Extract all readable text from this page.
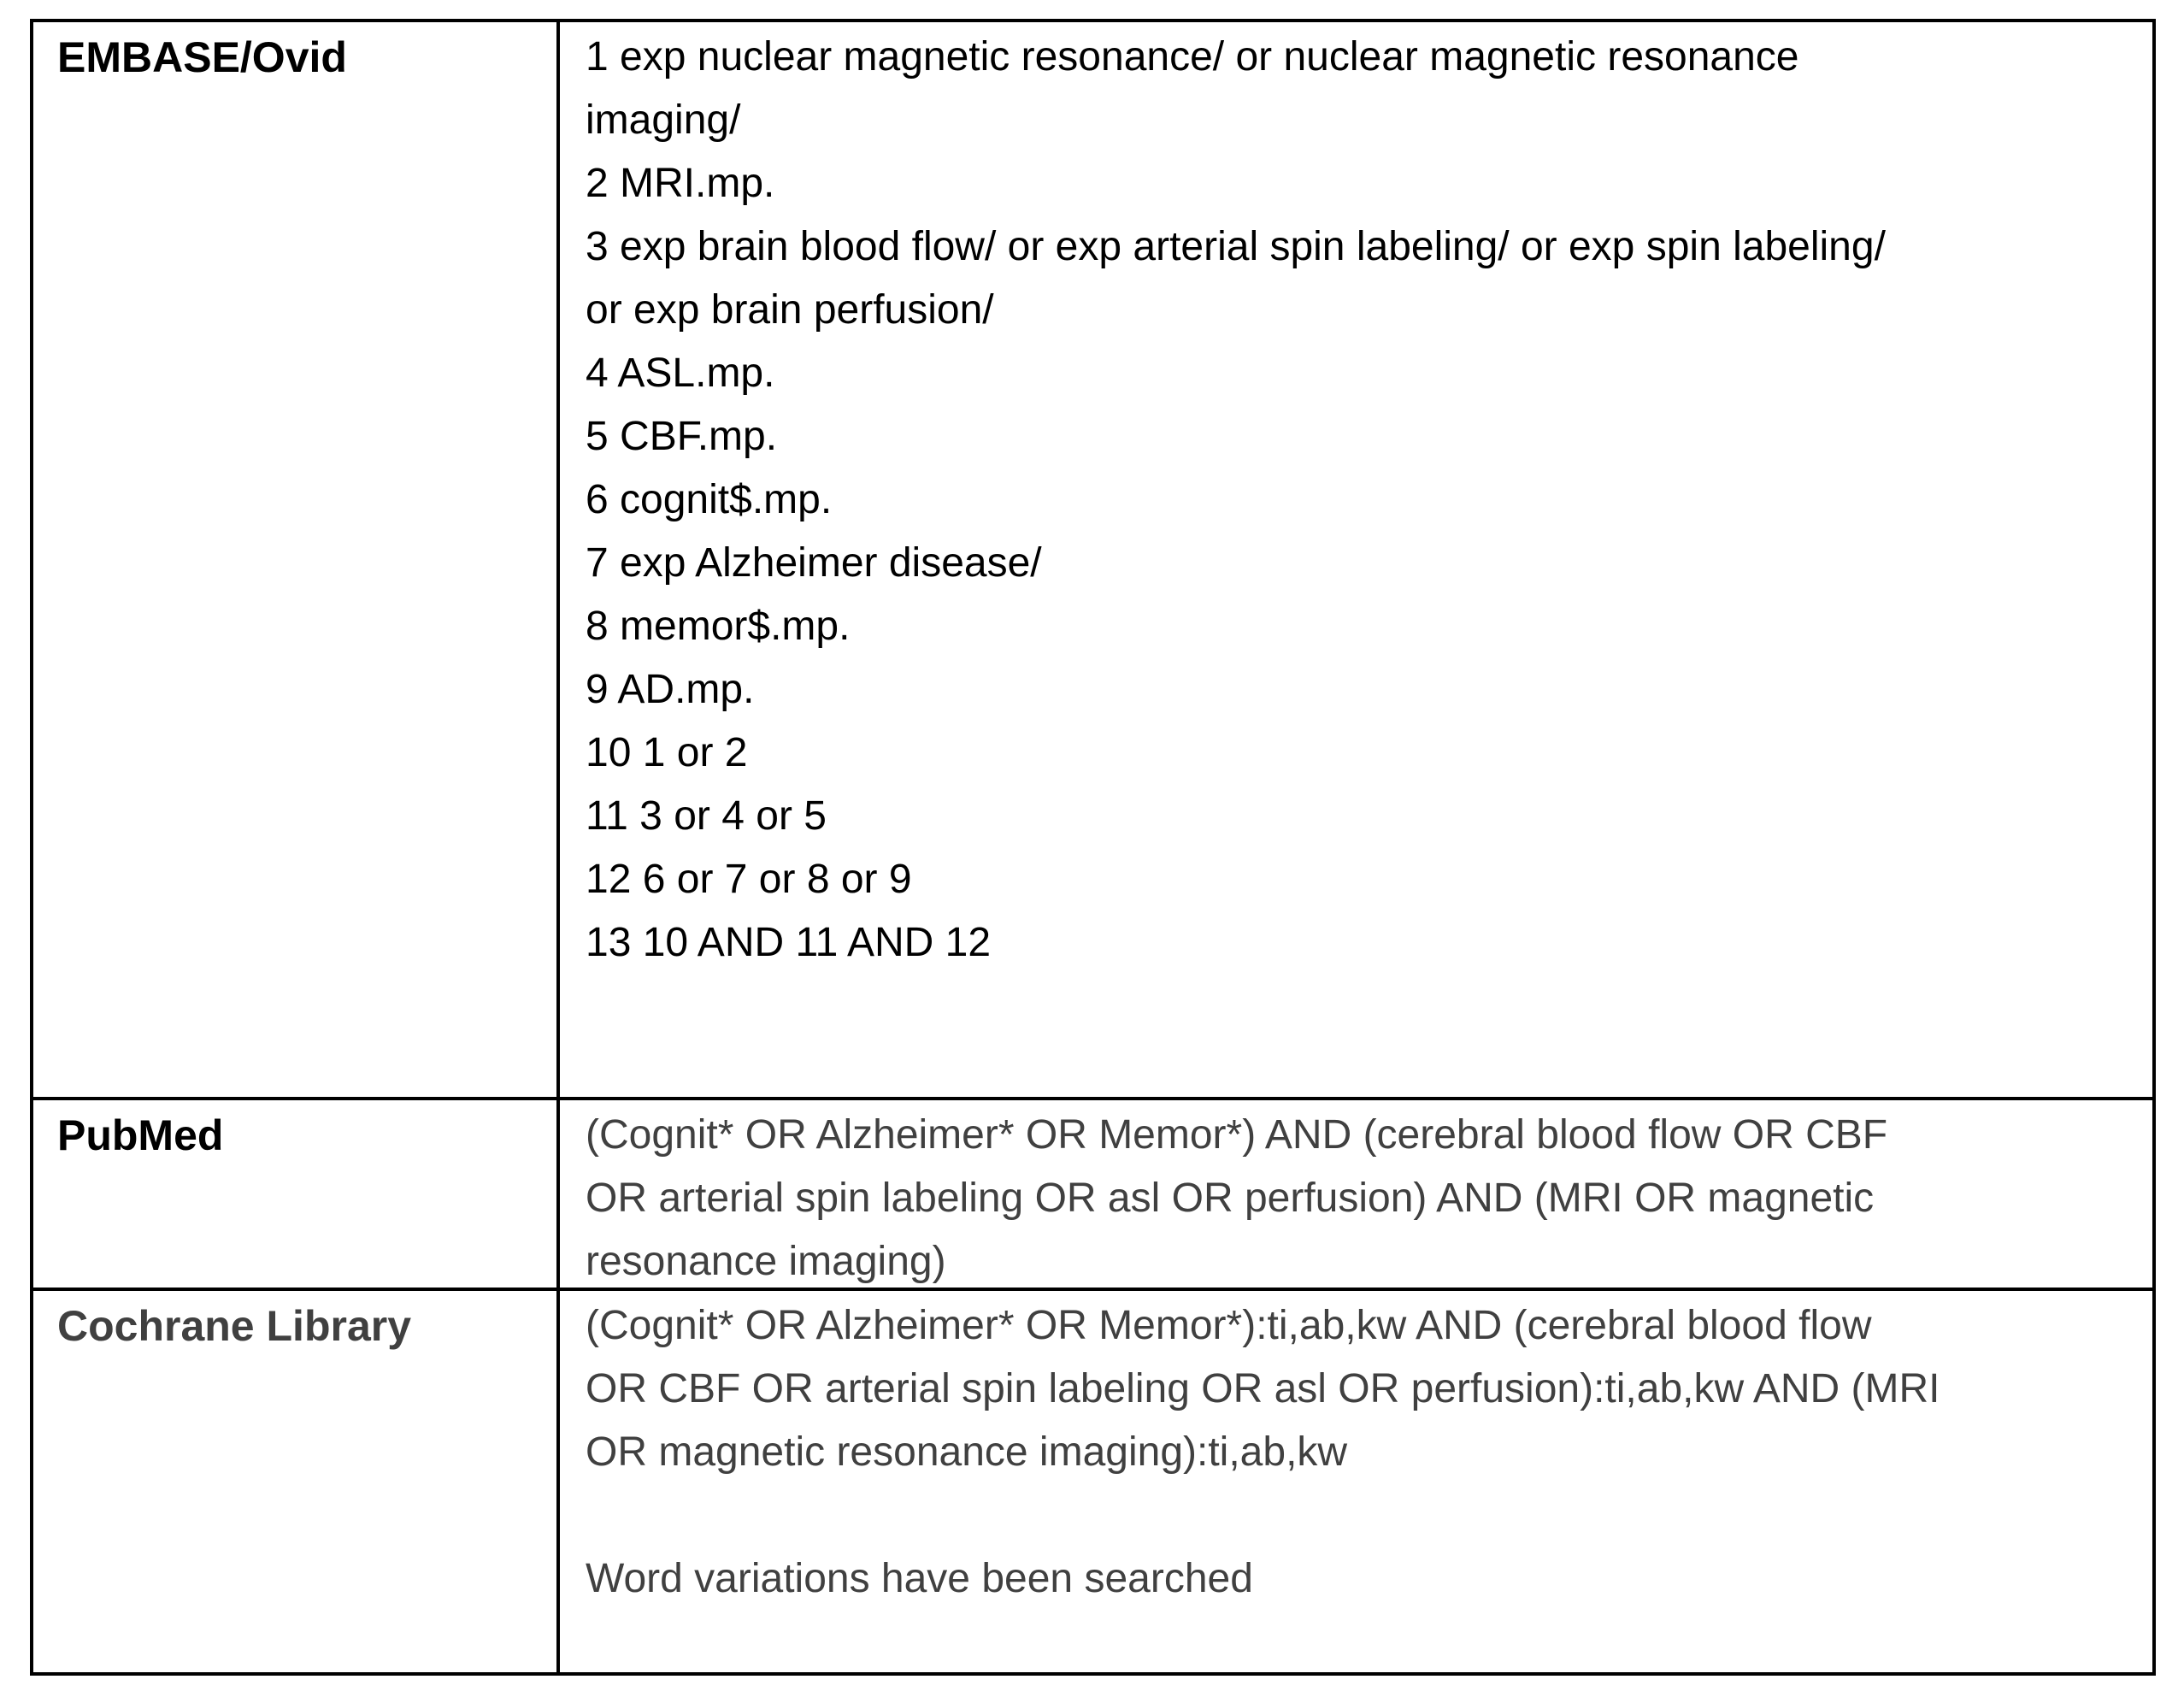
EMBASE/Ovid	1 exp nuclear magnetic resonance/ or nuclear magnetic resonance
imaging/
2 MRI.mp.
3 exp brain blood flow/ or exp arterial spin labeling/ or exp spin labeling/
or exp brain perfusion/
4 ASL.mp.
5 CBF.mp.
6 cognit$.mp.
7 exp Alzheimer disease/
8 memor$.mp.
9 AD.mp.
10 1 or 2
11 3 or 4 or 5
12 6 or 7 or 8 or 9
13 10 AND 11 AND 12
PubMed	(Cognit* OR Alzheimer* OR Memor*) AND (cerebral blood flow OR CBF
OR arterial spin labeling OR asl OR perfusion) AND (MRI OR magnetic
resonance imaging)
Cochrane Library	(Cognit* OR Alzheimer* OR Memor*):ti,ab,kw AND (cerebral blood flow
OR CBF OR arterial spin labeling OR asl OR perfusion):ti,ab,kw AND (MRI
OR magnetic resonance imaging):ti,ab,kw
Word variations have been searched
